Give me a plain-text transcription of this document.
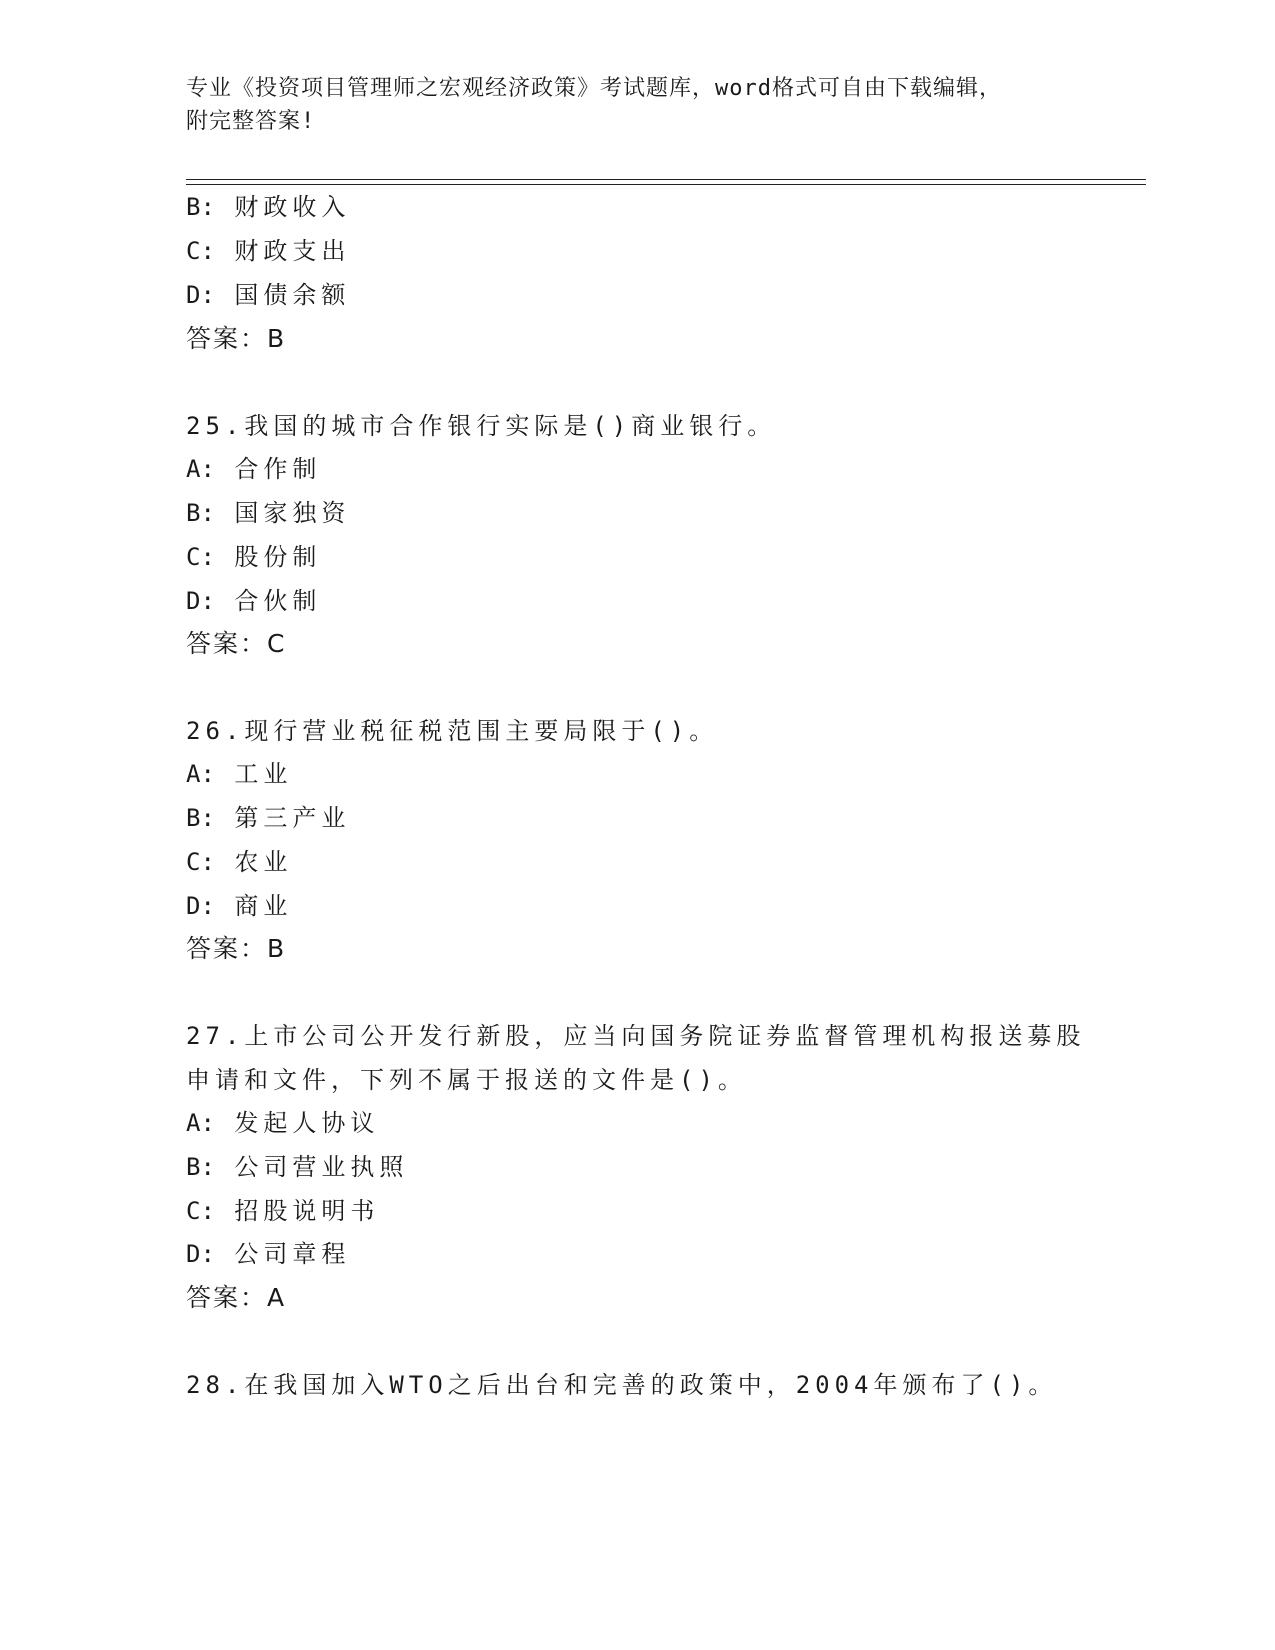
专业《投资项目管理师之宏观经济政策》考试题库，word格式可自由下载编辑，
附完整答案!
B: 财政收入
C: 财政支出
D: 国债余额
答案：B
25.我国的城市合作银行实际是()商业银行。
A: 合作制
B: 国家独资
C: 股份制
D: 合伙制
答案：C
26.现行营业税征税范围主要局限于()。
A: 工业
B: 第三产业
C: 农业
D: 商业
答案：B
27.上市公司公开发行新股，应当向国务院证券监督管理机构报送募股
申请和文件，下列不属于报送的文件是()。
A: 发起人协议
B: 公司营业执照
C: 招股说明书
D: 公司章程
答案：A
28.在我国加入WTO之后出台和完善的政策中，2004年颁布了()。
